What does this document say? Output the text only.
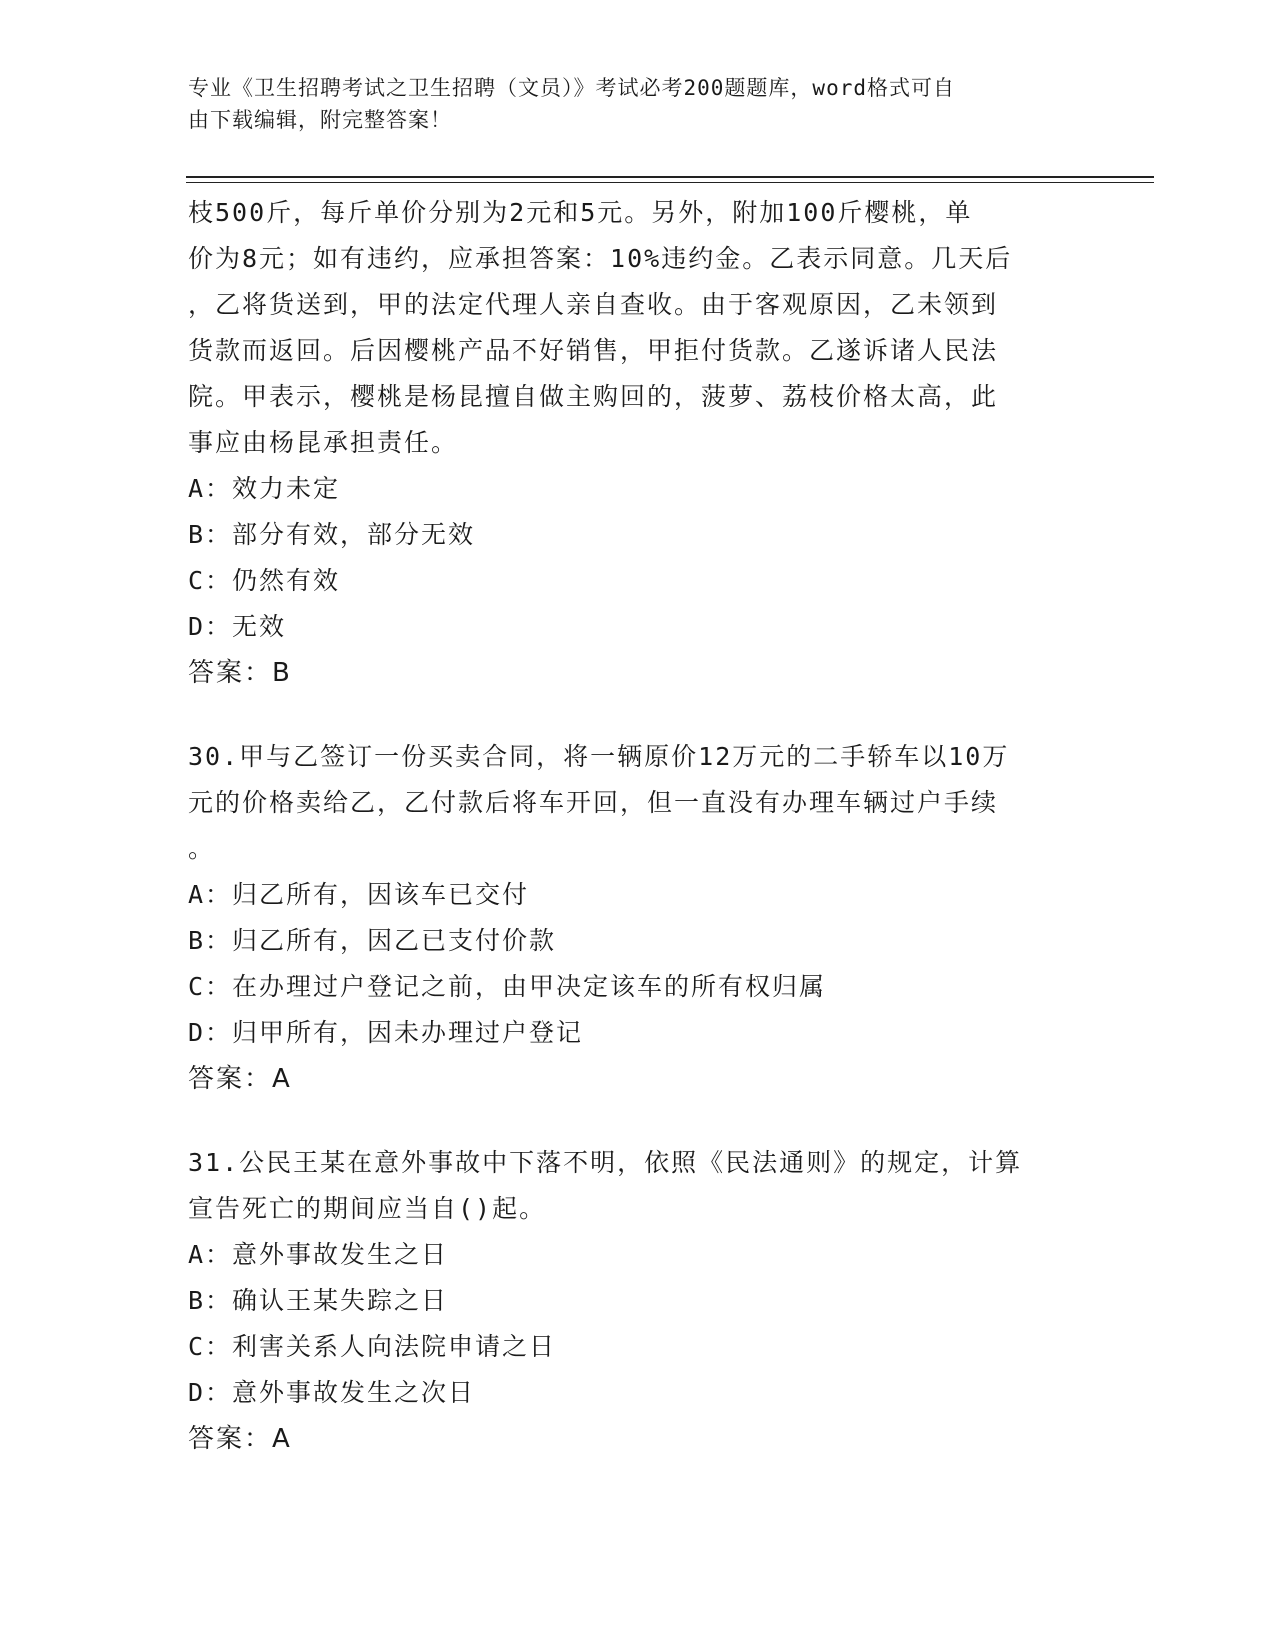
专业《卫生招聘考试之卫生招聘（文员）》考试必考200题题库，word格式可自
由下载编辑，附完整答案！
枝500斤，每斤单价分别为2元和5元。另外，附加100斤樱桃，单
价为8元；如有违约，应承担答案：10%违约金。乙表示同意。几天后
，乙将货送到，甲的法定代理人亲自查收。由于客观原因，乙未领到
货款而返回。后因樱桃产品不好销售，甲拒付货款。乙遂诉诸人民法
院。甲表示，樱桃是杨昆擅自做主购回的，菠萝、荔枝价格太高，此
事应由杨昆承担责任。
A：效力未定
B：部分有效，部分无效
C：仍然有效
D：无效
答案：B
30.甲与乙签订一份买卖合同，将一辆原价12万元的二手轿车以10万
元的价格卖给乙，乙付款后将车开回，但一直没有办理车辆过户手续
。
A：归乙所有，因该车已交付
B：归乙所有，因乙已支付价款
C：在办理过户登记之前，由甲决定该车的所有权归属
D：归甲所有，因未办理过户登记
答案：A
31.公民王某在意外事故中下落不明，依照《民法通则》的规定，计算
宣告死亡的期间应当自()起。
A：意外事故发生之日
B：确认王某失踪之日
C：利害关系人向法院申请之日
D：意外事故发生之次日
答案：A
